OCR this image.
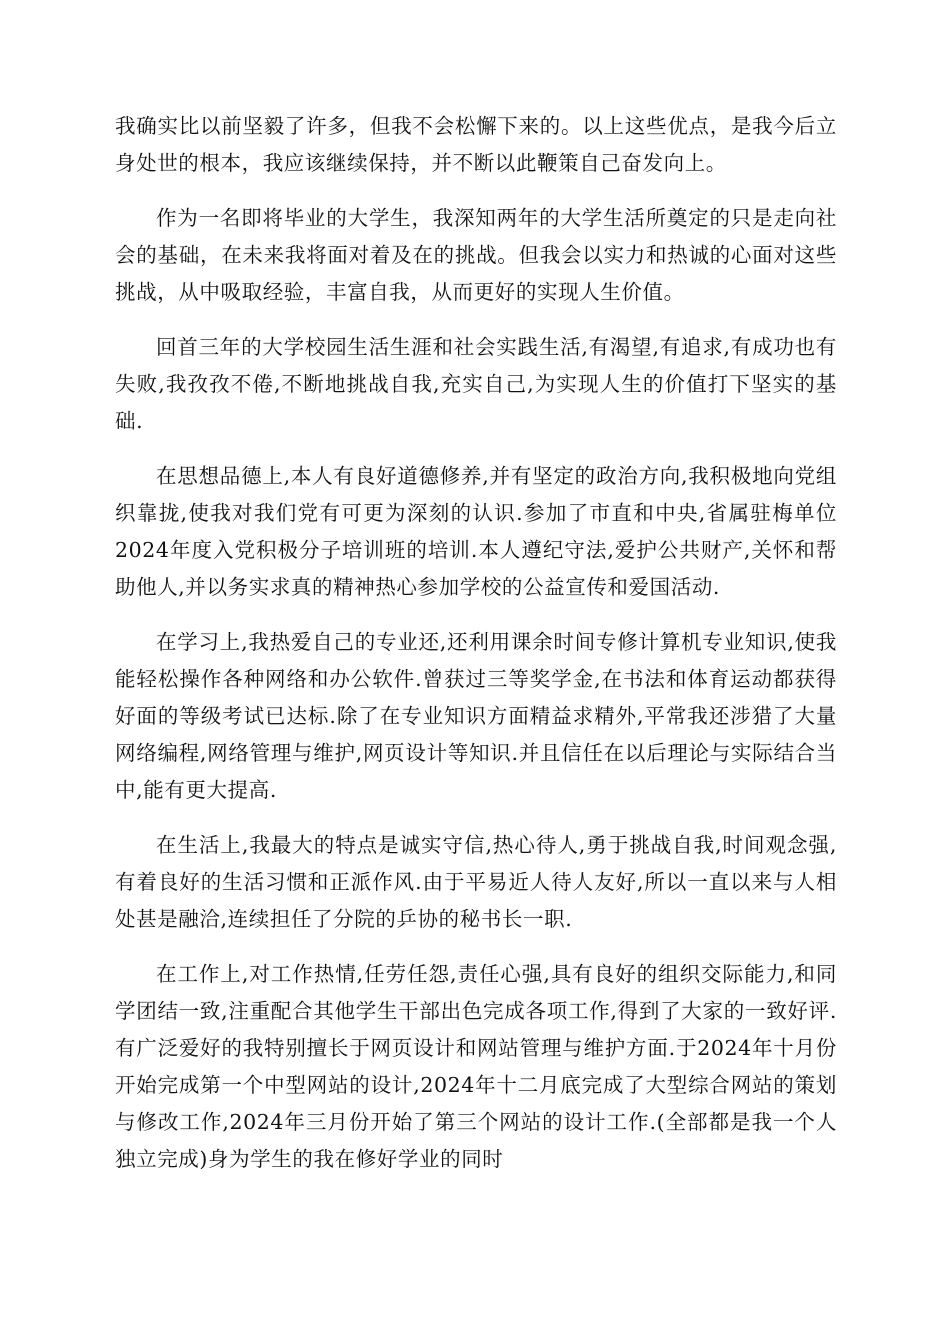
我确实比以前坚毅了许多，但我不会松懈下来的。以上这些优点，是我今后立身处世的根本，我应该继续保持，并不断以此鞭策自己奋发向上。

作为一名即将毕业的大学生，我深知两年的大学生活所奠定的只是走向社会的基础，在未来我将面对着及在的挑战。但我会以实力和热诚的心面对这些挑战，从中吸取经验，丰富自我，从而更好的实现人生价值。

回首三年的大学校园生活生涯和社会实践生活,有渴望,有追求,有成功也有失败,我孜孜不倦,不断地挑战自我,充实自己,为实现人生的价值打下坚实的基础.

在思想品德上,本人有良好道德修养,并有坚定的政治方向,我积极地向党组织靠拢,使我对我们党有可更为深刻的认识.参加了市直和中央,省属驻梅单位2024年度入党积极分子培训班的培训.本人遵纪守法,爱护公共财产,关怀和帮助他人,并以务实求真的精神热心参加学校的公益宣传和爱国活动.

在学习上,我热爱自己的专业还,还利用课余时间专修计算机专业知识,使我能轻松操作各种网络和办公软件.曾获过三等奖学金,在书法和体育运动都获得好面的等级考试已达标.除了在专业知识方面精益求精外,平常我还涉猎了大量网络编程,网络管理与维护,网页设计等知识.并且信任在以后理论与实际结合当中,能有更大提高.

在生活上,我最大的特点是诚实守信,热心待人,勇于挑战自我,时间观念强,有着良好的生活习惯和正派作风.由于平易近人待人友好,所以一直以来与人相处甚是融洽,连续担任了分院的乒协的秘书长一职.

在工作上,对工作热情,任劳任怨,责任心强,具有良好的组织交际能力,和同学团结一致,注重配合其他学生干部出色完成各项工作,得到了大家的一致好评.有广泛爱好的我特别擅长于网页设计和网站管理与维护方面.于2024年十月份开始完成第一个中型网站的设计,2024年十二月底完成了大型综合网站的策划与修改工作,2024年三月份开始了第三个网站的设计工作.(全部都是我一个人独立完成)身为学生的我在修好学业的同时
